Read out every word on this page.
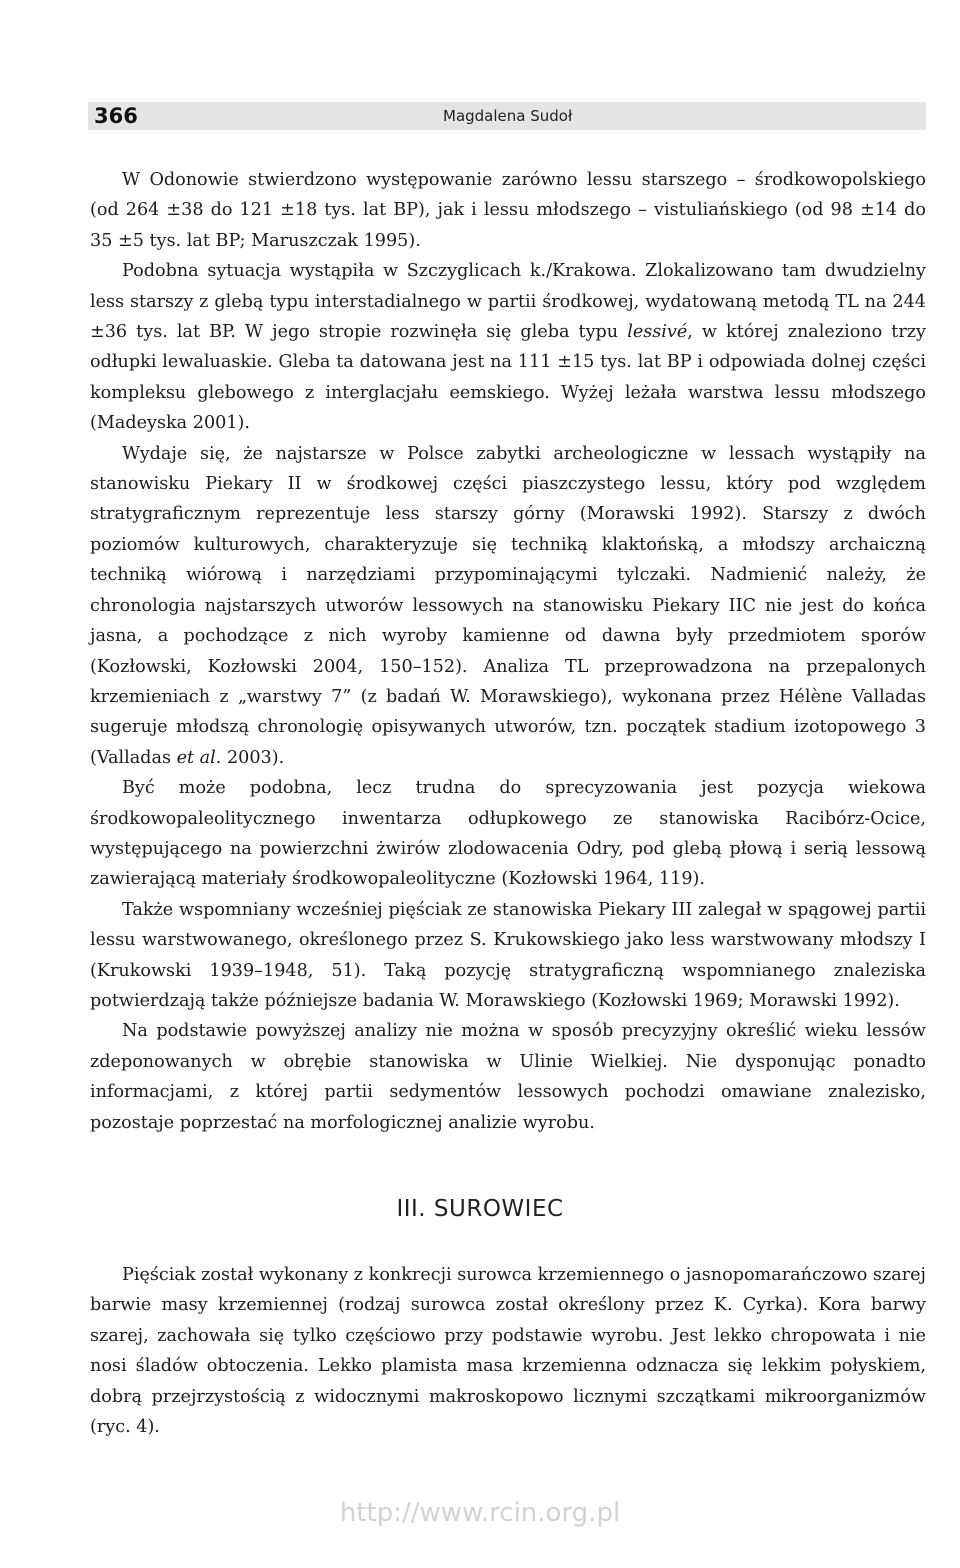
366	Magdalena Sudoł

W Odonowie stwierdzono występowanie zarówno lessu starszego – środkowopolskiego (od 264 ±38 do 121 ±18 tys. lat BP), jak i lessu młodszego – vistuliańskiego (od 98 ±14 do 35 ±5 tys. lat BP; Maruszczak 1995).

Podobna sytuacja wystąpiła w Szczyglicach k./Krakowa. Zlokalizowano tam dwudzielny less starszy z glebą typu interstadialnego w partii środkowej, wydatowaną metodą TL na 244 ±36 tys. lat BP. W jego stropie rozwinęła się gleba typu lessivé, w której znaleziono trzy odłupki lewaluaskie. Gleba ta datowana jest na 111 ±15 tys. lat BP i odpowiada dolnej części kompleksu glebowego z interglacjału eemskiego. Wyżej leżała warstwa lessu młodszego (Madeyska 2001).

Wydaje się, że najstarsze w Polsce zabytki archeologiczne w lessach wystąpiły na stanowisku Piekary II w środkowej części piaszczystego lessu, który pod względem stratygraficznym reprezentuje less starszy górny (Morawski 1992). Starszy z dwóch poziomów kulturowych, charakteryzuje się techniką klaktońską, a młodszy archaiczną techniką wiórową i narzędziami przypominającymi tylczaki. Nadmienić należy, że chronologia najstarszych utworów lessowych na stanowisku Piekary IIC nie jest do końca jasna, a pochodzące z nich wyroby kamienne od dawna były przedmiotem sporów (Kozłowski, Kozłowski 2004, 150–152). Analiza TL przeprowadzona na przepalonych krzemieniach z „warstwy 7” (z badań W. Morawskiego), wykonana przez Hélène Valladas sugeruje młodszą chronologię opisywanych utworów, tzn. początek stadium izotopowego 3 (Valladas et al. 2003).

Być może podobna, lecz trudna do sprecyzowania jest pozycja wiekowa środkowopaleolitycznego inwentarza odłupkowego ze stanowiska Racibórz-Ocice, występującego na powierzchni żwirów zlodowacenia Odry, pod glebą płową i serią lessową zawierającą materiały środkowopaleolityczne (Kozłowski 1964, 119).

Także wspomniany wcześniej pięściak ze stanowiska Piekary III zalegał w spągowej partii lessu warstwowanego, określonego przez S. Krukowskiego jako less warstwowany młodszy I (Krukowski 1939–1948, 51). Taką pozycję stratygraficzną wspomnianego znaleziska potwierdzają także późniejsze badania W. Morawskiego (Kozłowski 1969; Morawski 1992).

Na podstawie powyższej analizy nie można w sposób precyzyjny określić wieku lessów zdeponowanych w obrębie stanowiska w Ulinie Wielkiej. Nie dysponując ponadto informacjami, z której partii sedymentów lessowych pochodzi omawiane znalezisko, pozostaje poprzestać na morfologicznej analizie wyrobu.

III. SUROWIEC

Pięściak został wykonany z konkrecji surowca krzemiennego o jasnopomarańczowo szarej barwie masy krzemiennej (rodzaj surowca został określony przez K. Cyrka). Kora barwy szarej, zachowała się tylko częściowo przy podstawie wyrobu. Jest lekko chropowata i nie nosi śladów obtoczenia. Lekko plamista masa krzemienna odznacza się lekkim połyskiem, dobrą przejrzystością z widocznymi makroskopowo licznymi szczątkami mikroorganizmów (ryc. 4).

http://www.rcin.org.pl
